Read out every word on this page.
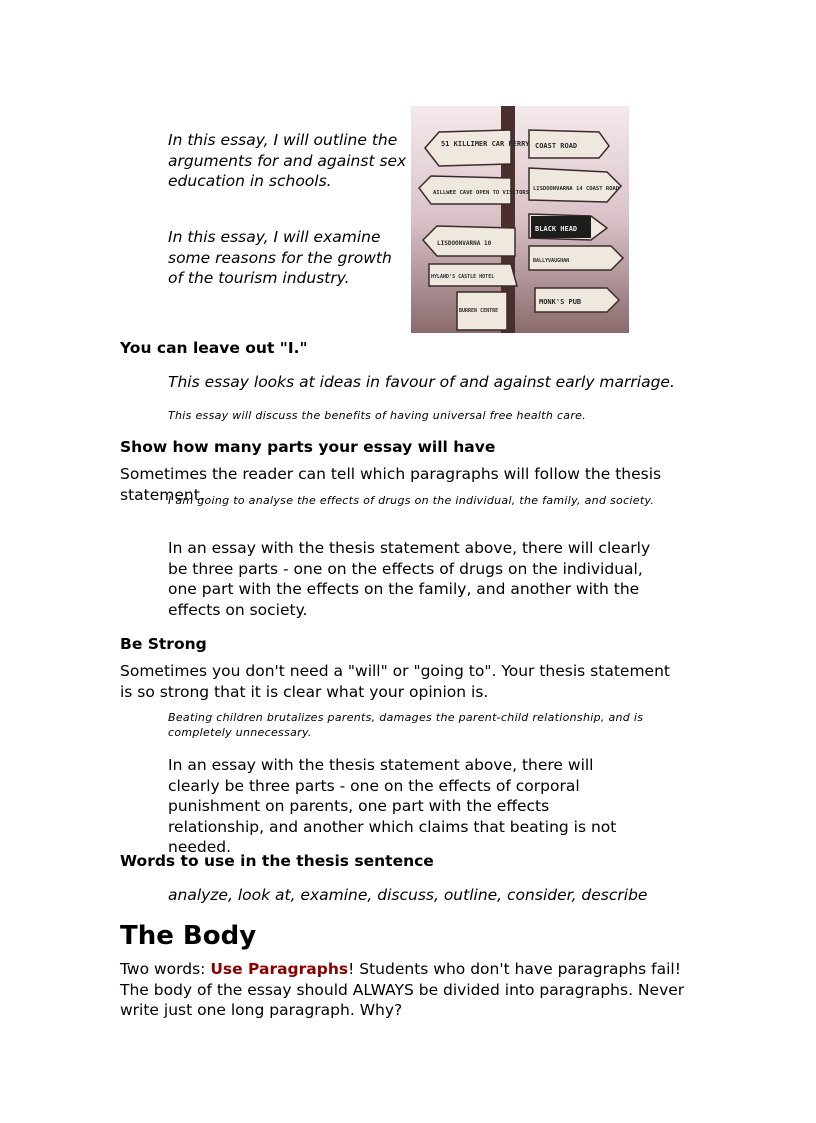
In this essay, I will outline the arguments for and against sex education in schools.
In this essay, I will examine some reasons for the growth of the tourism industry.
51 KILLIMER CAR FERRY COAST ROAD
AILLWEE CAVE OPEN TO VISITORS
LISDOONVARNA 14 COAST ROAD
BLACK HEAD
LISDOONVARNA 10
BALLYVAUGHAN
HYLAND'S CASTLE HOTEL
MONK'S PUB
BURREN CENTRE
You can leave out "I."
This essay looks at ideas in favour of and against early marriage.
This essay will discuss the benefits of having universal free health care.
Show how many parts your essay will have
Sometimes the reader can tell which paragraphs will follow the thesis statement.
I am going to analyse the effects of drugs on the individual, the family, and society.
In an essay with the thesis statement above, there will clearly be three parts - one on the effects of drugs on the individual, one part with the effects on the family, and another with the effects on society.
Be Strong
Sometimes you don't need a "will" or "going to". Your thesis statement is so strong that it is clear what your opinion is.
Beating children brutalizes parents, damages the parent-child relationship, and is completely unnecessary.
In an essay with the thesis statement above, there will clearly be three parts - one on the effects of corporal punishment on parents, one part with the effects relationship, and another which claims that beating is not needed.
Words to use in the thesis sentence
analyze, look at, examine, discuss, outline, consider, describe
The Body
Two words: Use Paragraphs! Students who don't have paragraphs fail!
The body of the essay should ALWAYS be divided into paragraphs. Never write just one long paragraph. Why?
